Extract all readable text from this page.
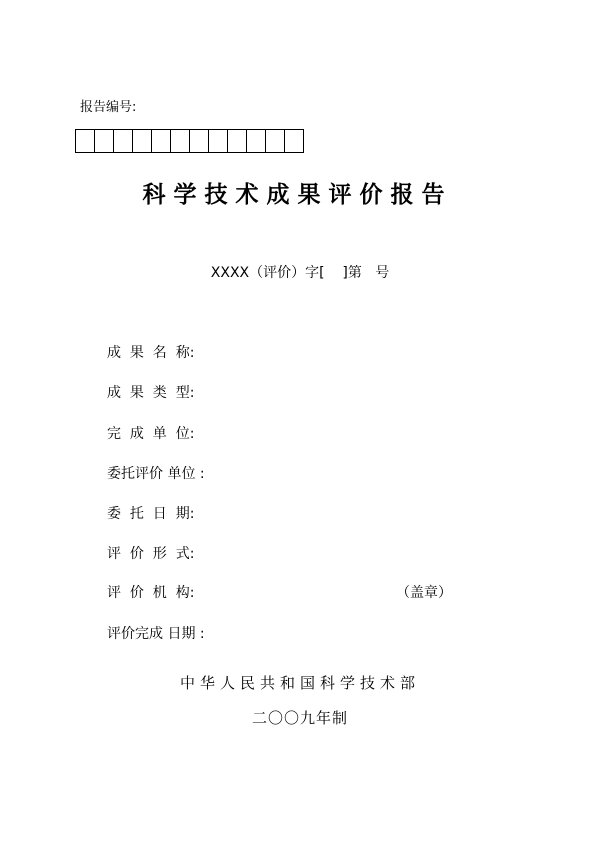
报告编号:
科学技术成果评价报告
XXXX（评价）字[    ]第   号
成  果  名  称:
成  果  类  型:
完  成  单  位:
委托评价 单位 :
委  托  日  期:
评  价  形  式:
评  价  机  构:	（盖章）
评价完成 日期 :
中华人民共和国科学技术部
二〇〇九年制
